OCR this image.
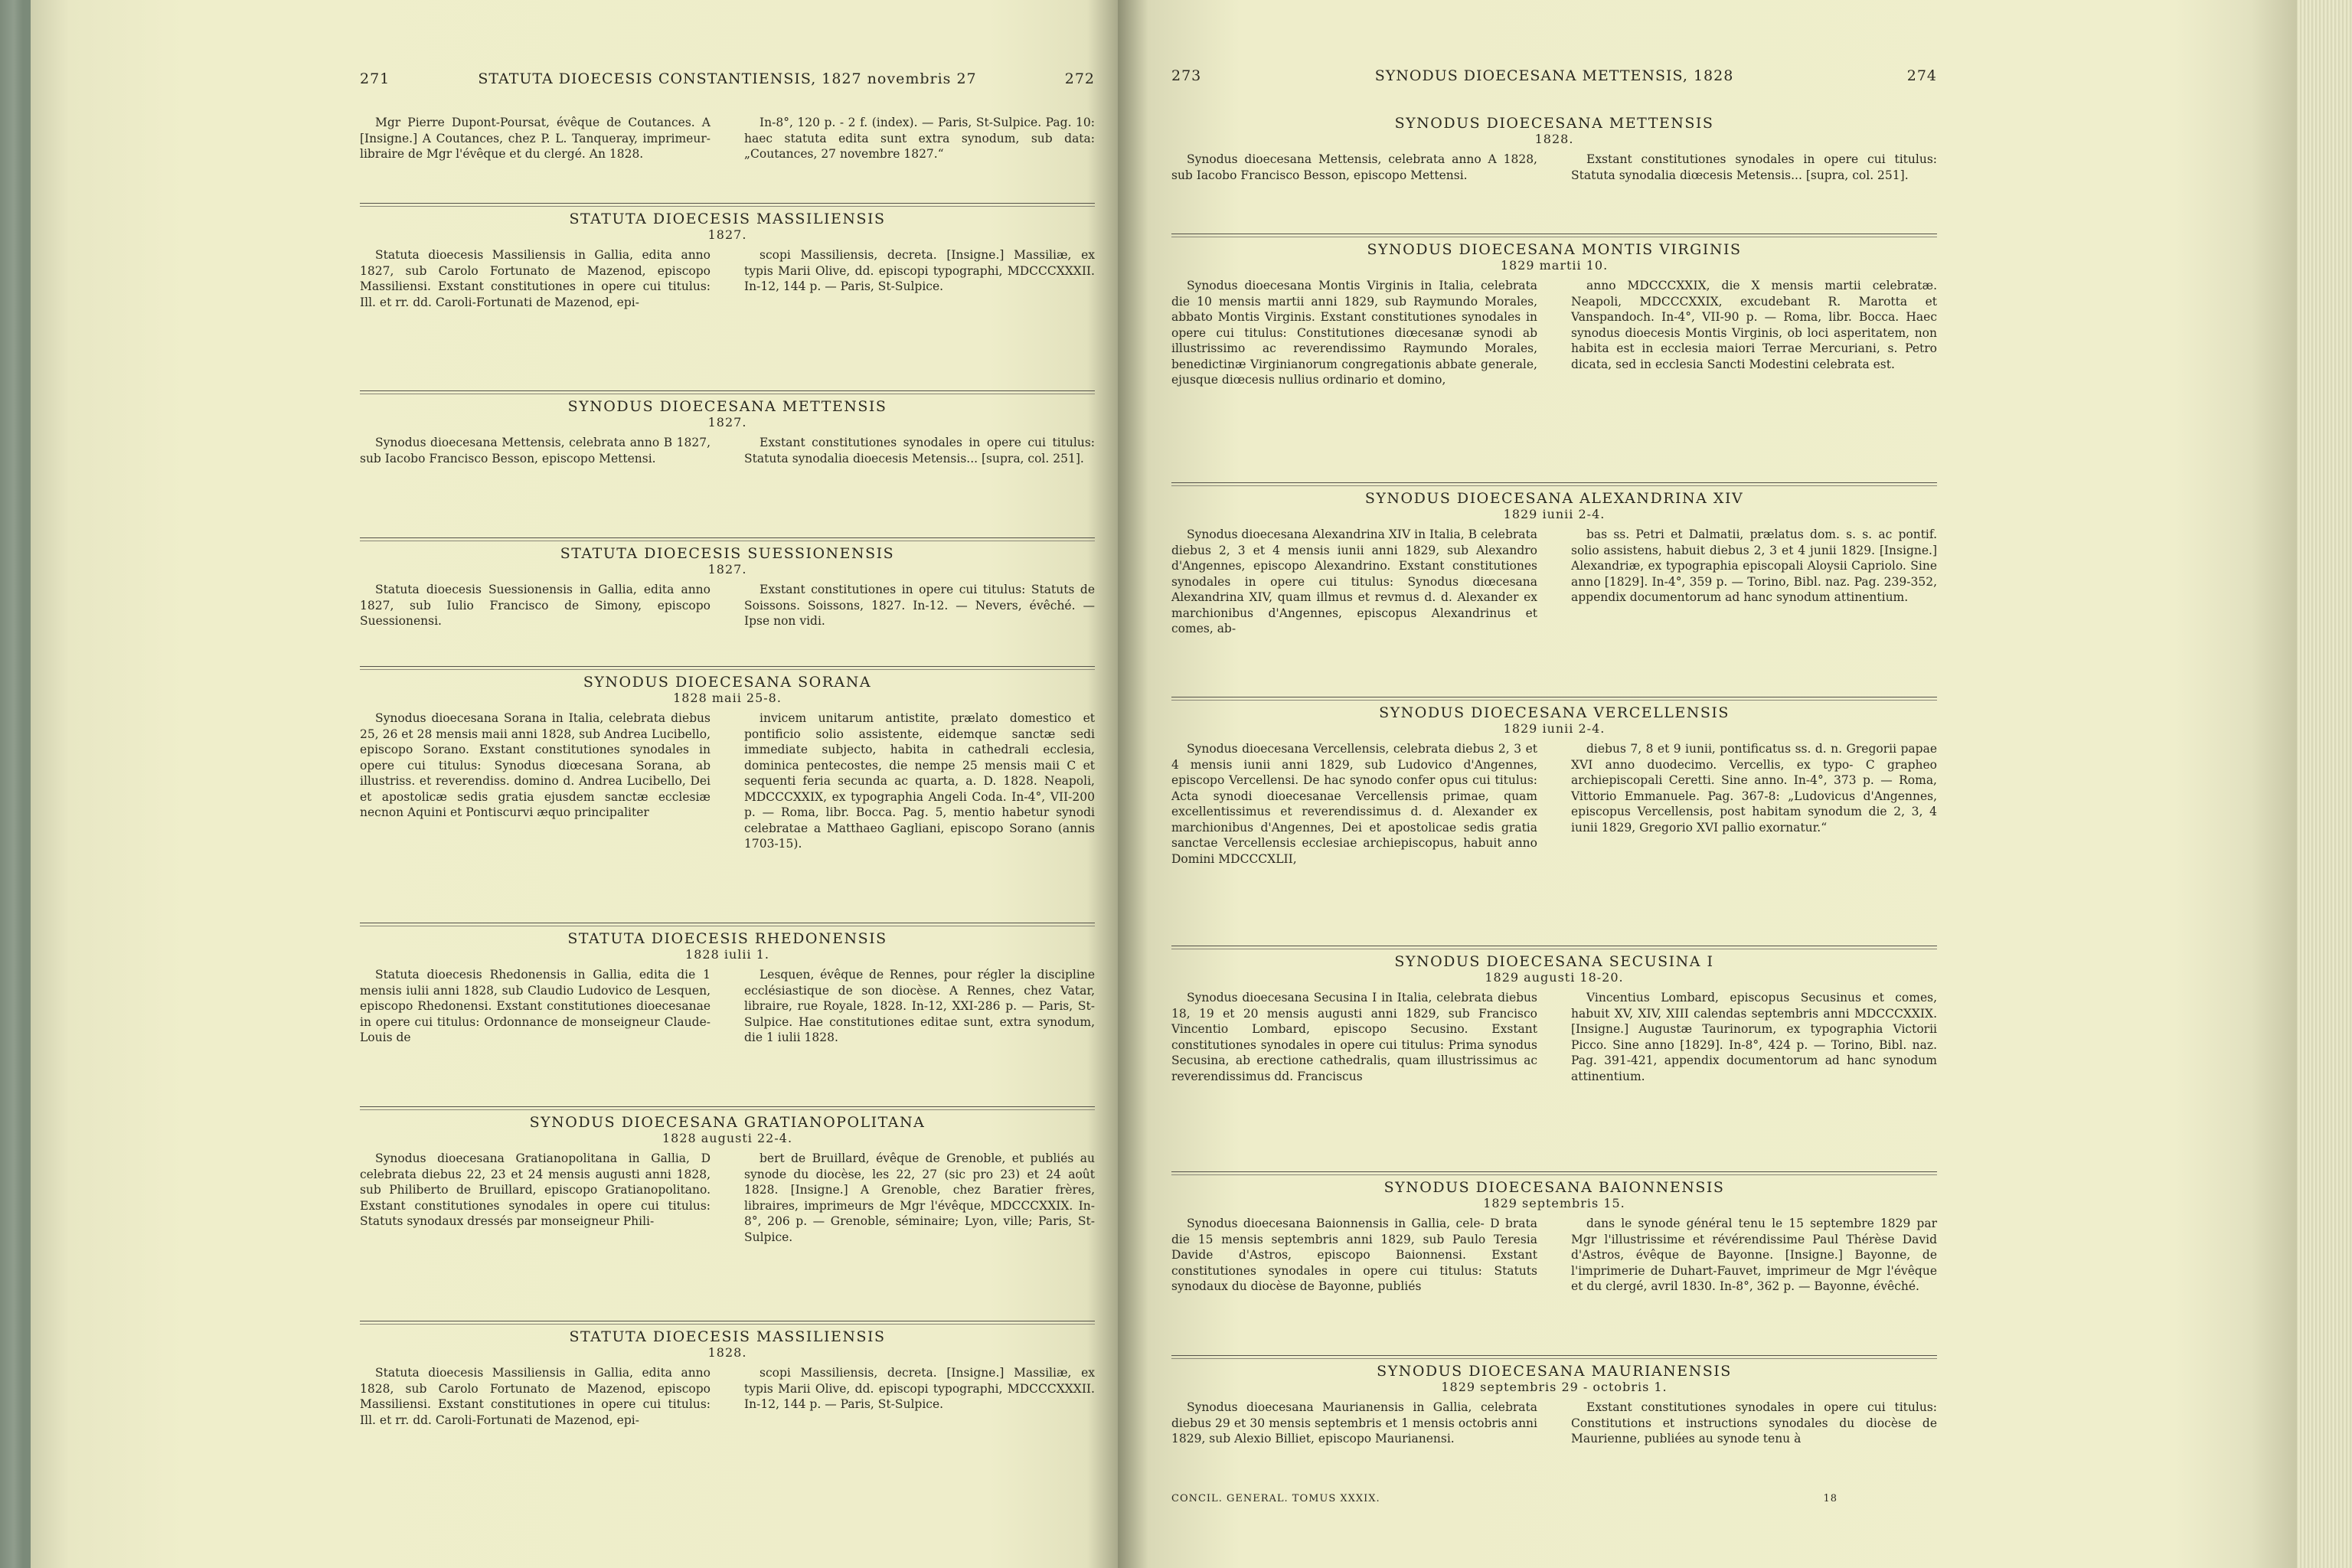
271	STATUTA DIOECESIS CONSTANTIENSIS, 1827 novembris 27	272
Mgr Pierre Dupont-Poursat, évêque de Coutances. A [Insigne.] A Coutances, chez P. L. Tanqueray, imprimeur-libraire de Mgr l'évêque et du clergé. An 1828.
In-8°, 120 p. - 2 f. (index). — Paris, St-Sulpice. Pag. 10: haec statuta edita sunt extra synodum, sub data: „Coutances, 27 novembre 1827.“
STATUTA DIOECESIS MASSILIENSIS
1827.
Statuta dioecesis Massiliensis in Gallia, edita anno 1827, sub Carolo Fortunato de Mazenod, episcopo Massiliensi. Exstant constitutiones in opere cui titulus: Ill. et rr. dd. Caroli-Fortunati de Mazenod, epi-
scopi Massiliensis, decreta. [Insigne.] Massiliæ, ex typis Marii Olive, dd. episcopi typographi, MDCCCXXXII. In-12, 144 p. — Paris, St-Sulpice.
SYNODUS DIOECESANA METTENSIS
1827.
Synodus dioecesana Mettensis, celebrata anno B 1827, sub Iacobo Francisco Besson, episcopo Mettensi.
Exstant constitutiones synodales in opere cui titulus: Statuta synodalia dioecesis Metensis... [supra, col. 251].
STATUTA DIOECESIS SUESSIONENSIS
1827.
Statuta dioecesis Suessionensis in Gallia, edita anno 1827, sub Iulio Francisco de Simony, episcopo Suessionensi.
Exstant constitutiones in opere cui titulus: Statuts de Soissons. Soissons, 1827. In-12. — Nevers, évêché. — Ipse non vidi.
SYNODUS DIOECESANA SORANA
1828 maii 25-8.
Synodus dioecesana Sorana in Italia, celebrata diebus 25, 26 et 28 mensis maii anni 1828, sub Andrea Lucibello, episcopo Sorano. Exstant constitutiones synodales in opere cui titulus: Synodus diœcesana Sorana, ab illustriss. et reverendiss. domino d. Andrea Lucibello, Dei et apostolicæ sedis gratia ejusdem sanctæ ecclesiæ necnon Aquini et Pontiscurvi æquo principaliter
invicem unitarum antistite, prælato domestico et pontificio solio assistente, eidemque sanctæ sedi immediate subjecto, habita in cathedrali ecclesia, dominica pentecostes, die nempe 25 mensis maii C et sequenti feria secunda ac quarta, a. D. 1828. Neapoli, MDCCCXXIX, ex typographia Angeli Coda. In-4°, VII-200 p. — Roma, libr. Bocca. Pag. 5, mentio habetur synodi celebratae a Matthaeo Gagliani, episcopo Sorano (annis 1703-15).
STATUTA DIOECESIS RHEDONENSIS
1828 iulii 1.
Statuta dioecesis Rhedonensis in Gallia, edita die 1 mensis iulii anni 1828, sub Claudio Ludovico de Lesquen, episcopo Rhedonensi. Exstant constitutiones dioecesanae in opere cui titulus: Ordonnance de monseigneur Claude-Louis de
Lesquen, évêque de Rennes, pour régler la discipline ecclésiastique de son diocèse. A Rennes, chez Vatar, libraire, rue Royale, 1828. In-12, XXI-286 p. — Paris, St-Sulpice. Hae constitutiones editae sunt, extra synodum, die 1 iulii 1828.
SYNODUS DIOECESANA GRATIANOPOLITANA
1828 augusti 22-4.
Synodus dioecesana Gratianopolitana in Gallia, D celebrata diebus 22, 23 et 24 mensis augusti anni 1828, sub Philiberto de Bruillard, episcopo Gratianopolitano. Exstant constitutiones synodales in opere cui titulus: Statuts synodaux dressés par monseigneur Phili-
bert de Bruillard, évêque de Grenoble, et publiés au synode du diocèse, les 22, 27 (sic pro 23) et 24 août 1828. [Insigne.] A Grenoble, chez Baratier frères, libraires, imprimeurs de Mgr l'évêque, MDCCCXXIX. In-8°, 206 p. — Grenoble, séminaire; Lyon, ville; Paris, St-Sulpice.
STATUTA DIOECESIS MASSILIENSIS
1828.
Statuta dioecesis Massiliensis in Gallia, edita anno 1828, sub Carolo Fortunato de Mazenod, episcopo Massiliensi. Exstant constitutiones in opere cui titulus: Ill. et rr. dd. Caroli-Fortunati de Mazenod, epi-
scopi Massiliensis, decreta. [Insigne.] Massiliæ, ex typis Marii Olive, dd. episcopi typographi, MDCCCXXXII. In-12, 144 p. — Paris, St-Sulpice.
273	SYNODUS DIOECESANA METTENSIS, 1828	274
SYNODUS DIOECESANA METTENSIS
1828.
Synodus dioecesana Mettensis, celebrata anno A 1828, sub Iacobo Francisco Besson, episcopo Mettensi.
Exstant constitutiones synodales in opere cui titulus: Statuta synodalia diœcesis Metensis... [supra, col. 251].
SYNODUS DIOECESANA MONTIS VIRGINIS
1829 martii 10.
Synodus dioecesana Montis Virginis in Italia, celebrata die 10 mensis martii anni 1829, sub Raymundo Morales, abbato Montis Virginis. Exstant constitutiones synodales in opere cui titulus: Constitutiones diœcesanæ synodi ab illustrissimo ac reverendissimo Raymundo Morales, benedictinæ Virginianorum congregationis abbate generale, ejusque diœcesis nullius ordinario et domino,
anno MDCCCXXIX, die X mensis martii celebratæ. Neapoli, MDCCCXXIX, excudebant R. Marotta et Vanspandoch. In-4°, VII-90 p. — Roma, libr. Bocca. Haec synodus dioecesis Montis Virginis, ob loci asperitatem, non habita est in ecclesia maiori Terrae Mercuriani, s. Petro dicata, sed in ecclesia Sancti Modestini celebrata est.
SYNODUS DIOECESANA ALEXANDRINA XIV
1829 iunii 2-4.
Synodus dioecesana Alexandrina XIV in Italia, B celebrata diebus 2, 3 et 4 mensis iunii anni 1829, sub Alexandro d'Angennes, episcopo Alexandrino. Exstant constitutiones synodales in opere cui titulus: Synodus diœcesana Alexandrina XIV, quam illmus et revmus d. d. Alexander ex marchionibus d'Angennes, episcopus Alexandrinus et comes, ab-
bas ss. Petri et Dalmatii, prælatus dom. s. s. ac pontif. solio assistens, habuit diebus 2, 3 et 4 junii 1829. [Insigne.] Alexandriæ, ex typographia episcopali Aloysii Capriolo. Sine anno [1829]. In-4°, 359 p. — Torino, Bibl. naz. Pag. 239-352, appendix documentorum ad hanc synodum attinentium.
SYNODUS DIOECESANA VERCELLENSIS
1829 iunii 2-4.
Synodus dioecesana Vercellensis, celebrata diebus 2, 3 et 4 mensis iunii anni 1829, sub Ludovico d'Angennes, episcopo Vercellensi. De hac synodo confer opus cui titulus: Acta synodi dioecesanae Vercellensis primae, quam excellentissimus et reverendissimus d. d. Alexander ex marchionibus d'Angennes, Dei et apostolicae sedis gratia sanctae Vercellensis ecclesiae archiepiscopus, habuit anno Domini MDCCCXLII,
diebus 7, 8 et 9 iunii, pontificatus ss. d. n. Gregorii papae XVI anno duodecimo. Vercellis, ex typo- C grapheo archiepiscopali Ceretti. Sine anno. In-4°, 373 p. — Roma, Vittorio Emmanuele. Pag. 367-8: „Ludovicus d'Angennes, episcopus Vercellensis, post habitam synodum die 2, 3, 4 iunii 1829, Gregorio XVI pallio exornatur.“
SYNODUS DIOECESANA SECUSINA I
1829 augusti 18-20.
Synodus dioecesana Secusina I in Italia, celebrata diebus 18, 19 et 20 mensis augusti anni 1829, sub Francisco Vincentio Lombard, episcopo Secusino. Exstant constitutiones synodales in opere cui titulus: Prima synodus Secusina, ab erectione cathedralis, quam illustrissimus ac reverendissimus dd. Franciscus
Vincentius Lombard, episcopus Secusinus et comes, habuit XV, XIV, XIII calendas septembris anni MDCCCXXIX. [Insigne.] Augustæ Taurinorum, ex typographia Victorii Picco. Sine anno [1829]. In-8°, 424 p. — Torino, Bibl. naz. Pag. 391-421, appendix documentorum ad hanc synodum attinentium.
SYNODUS DIOECESANA BAIONNENSIS
1829 septembris 15.
Synodus dioecesana Baionnensis in Gallia, cele- D brata die 15 mensis septembris anni 1829, sub Paulo Teresia Davide d'Astros, episcopo Baionnensi. Exstant constitutiones synodales in opere cui titulus: Statuts synodaux du diocèse de Bayonne, publiés
dans le synode général tenu le 15 septembre 1829 par Mgr l'illustrissime et révérendissime Paul Thérèse David d'Astros, évêque de Bayonne. [Insigne.] Bayonne, de l'imprimerie de Duhart-Fauvet, imprimeur de Mgr l'évêque et du clergé, avril 1830. In-8°, 362 p. — Bayonne, évêché.
SYNODUS DIOECESANA MAURIANENSIS
1829 septembris 29 - octobris 1.
Synodus dioecesana Maurianensis in Gallia, celebrata diebus 29 et 30 mensis septembris et 1 mensis octobris anni 1829, sub Alexio Billiet, episcopo Maurianensi.
Exstant constitutiones synodales in opere cui titulus: Constitutions et instructions synodales du diocèse de Maurienne, publiées au synode tenu à
CONCIL. GENERAL. TOMUS XXXIX.	18
